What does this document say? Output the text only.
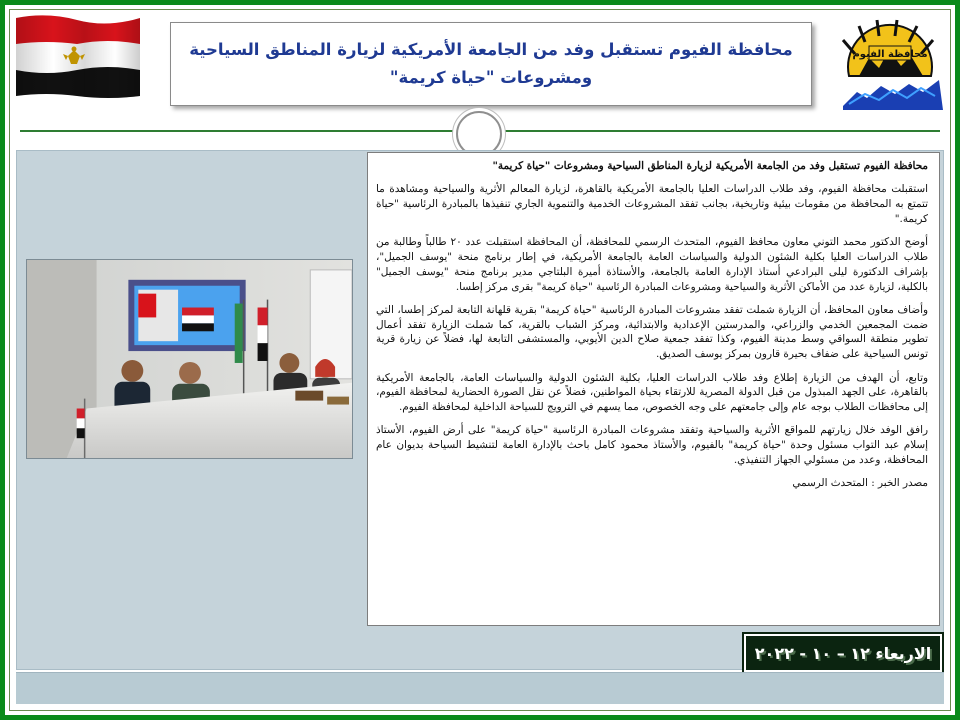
محافظة الفيوم
محافظة الفيوم تستقبل وفد من الجامعة الأمريكية لزيارة المناطق السياحية ومشروعات "حياة كريمة"

محافظة الفيوم تستقبل وفد من الجامعة الأمريكية لزيارة المناطق السياحية ومشروعات "حياة كريمة"

استقبلت محافظة الفيوم، وفد طلاب الدراسات العليا بالجامعة الأمريكية بالقاهرة، لزيارة المعالم الأثرية والسياحية ومشاهدة ما تتمتع به المحافظة من مقومات بيئية وتاريخية، بجانب تفقد المشروعات الخدمية والتنموية الجاري تنفيذها بالمبادرة الرئاسية "حياة كريمة."

أوضح الدكتور محمد التوني معاون محافظ الفيوم، المتحدث الرسمي للمحافظة، أن المحافظة استقبلت عدد ٢٠ طالباً وطالبة من طلاب الدراسات العليا بكلية الشئون الدولية والسياسات العامة بالجامعة الأمريكية، في إطار برنامج منحة "يوسف الجميل"، بإشراف الدكتورة ليلى البرادعي أستاذ الإدارة العامة بالجامعة، والأستاذة أميرة البلتاجي مدير برنامج منحة "يوسف الجميل" بالكلية، لزيارة عدد من الأماكن الأثرية والسياحية ومشروعات المبادرة الرئاسية "حياة كريمة" بقرى مركز إطسا.

وأضاف معاون المحافظ، أن الزيارة شملت تفقد مشروعات المبادرة الرئاسية "حياة كريمة" بقرية قلهانة التابعة لمركز إطسا، التي ضمت المجمعين الخدمي والزراعي، والمدرستين الإعدادية والابتدائية، ومركز الشباب بالقرية، كما شملت الزيارة تفقد أعمال تطوير منطقة السواقي وسط مدينة الفيوم، وكذا تفقد جمعية صلاح الدين الأيوبي، والمستشفى التابعة لها، فضلاً عن زيارة قرية تونس السياحية على ضفاف بحيرة قارون بمركز يوسف الصديق.

وتابع، أن الهدف من الزيارة إطلاع وفد طلاب الدراسات العليا، بكلية الشئون الدولية والسياسات العامة، بالجامعة الأمريكية بالقاهرة، على الجهد المبذول من قبل الدولة المصرية للارتقاء بحياة المواطنين، فضلاً عن نقل الصورة الحضارية لمحافظة الفيوم، إلى محافظات الطلاب بوجه عام وإلى جامعتهم على وجه الخصوص، مما يسهم في الترويج للسياحة الداخلية لمحافظة الفيوم.

رافق الوفد خلال زيارتهم للمواقع الأثرية والسياحية وتفقد مشروعات المبادرة الرئاسية "حياة كريمة" على أرض الفيوم، الأستاذ إسلام عبد التواب مسئول وحدة "حياة كريمة" بالفيوم، والأستاذ محمود كامل باحث بالإدارة العامة لتنشيط السياحة بديوان عام المحافظة، وعدد من مسئولي الجهاز التنفيذي.

مصدر الخبر : المتحدث الرسمي

الاربعاء ١٢ – ١٠ - ٢٠٢٢
